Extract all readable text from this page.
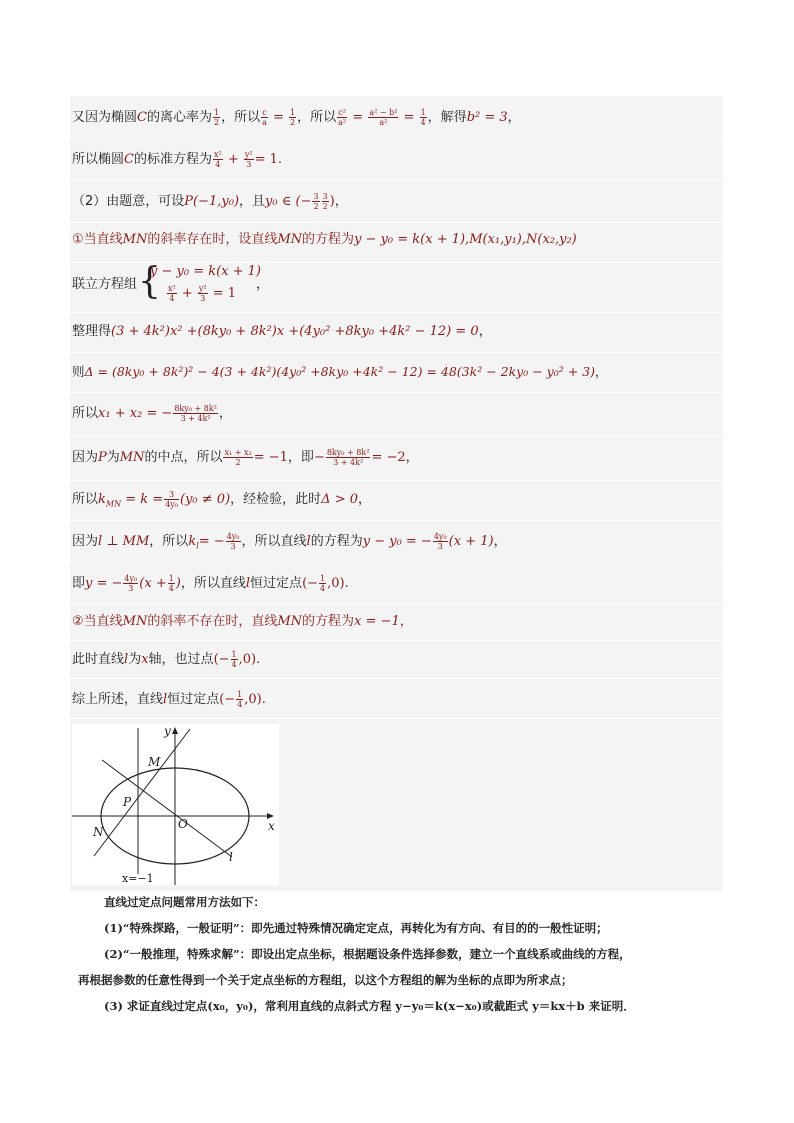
又因为椭圆C的离心率为 $\frac{1}{2}$ ，所以 $\frac{c}{a} = \frac{1}{2}$ ，所以 $\frac{\text{c²}}{\text{a²}} = \frac{\text{a² − b²}}{\text{a²}} = \frac{1}{4}$ ，解得b² = 3，
所以椭圆C的标准方程为 $\frac{\text{x²}}{4} + \frac{\text{y²}}{3} = 1$.
（2）由题意，可设P(−1,y₀)，且y₀ ∈ (− $\frac{3}{2} \frac{3}{2}$ )，
①当直线MN的斜率存在时，设直线MN的方程为y − y₀ = k(x + 1),M(x₁,y₁),N(x₂,y₂)
联立方程组 {
y − y₀ = k(x + 1)
$\frac{\text{x²}}{4} + \frac{\text{y²}}{3} = 1$
，
整理得(3 + 4k²)x² +(8ky₀ + 8k²)x +(4y₀² +8ky₀ +4k² − 12) = 0，
则Δ = (8ky₀ + 8k²)² − 4(3 + 4k²)(4y₀² +8ky₀ +4k² − 12) = 48(3k² − 2ky₀ − y₀² + 3)，
所以x₁ + x₂ = − $\frac{\text{8ky₀ + 8k²}}{\text{3 + 4k²}}$ ，
因为P为MN的中点，所以 $\frac{\text{x₁ + x₂}}{2} = -1$，即− $\frac{\text{8ky₀ + 8k²}}{\text{3 + 4k²}} = -2$，
所以$k_{MN} = k = \frac{3}{\text{4y₀}} (y_0 \ne 0)$，经检验，此时Δ > 0，
因为l ⊥ MM，所以$k_l= - \frac{\text{4y₀}}{3}$ ，所以直线l的方程为y − y₀ = − $\frac{\text{4y₀}}{3} (x + 1)$，
即y = − $\frac{\text{4y₀}}{3} (x + \frac{1}{4}$ )，所以直线l恒过定点(− $\frac{1}{4} ,0$).
②当直线MN的斜率不存在时，直线MN的方程为x = −1，
此时直线l为x轴，也过点(− $\frac{1}{4} ,0$).
综上所述，直线l恒过定点(− $\frac{1}{4} ,0$).
y
x
M
P
N
O
l
x=−1
直线过定点问题常用方法如下：
(1)“特殊探路，一般证明”：即先通过特殊情况确定定点，再转化为有方向、有目的的一般性证明；
(2)“一般推理，特殊求解”：即设出定点坐标，根据题设条件选择参数，建立一个直线系或曲线的方程，
再根据参数的任意性得到一个关于定点坐标的方程组，以这个方程组的解为坐标的点即为所求点；
(3) 求证直线过定点(x₀，y₀)，常利用直线的点斜式方程 y−y₀＝k(x−x₀)或截距式 y＝kx＋b 来证明．
